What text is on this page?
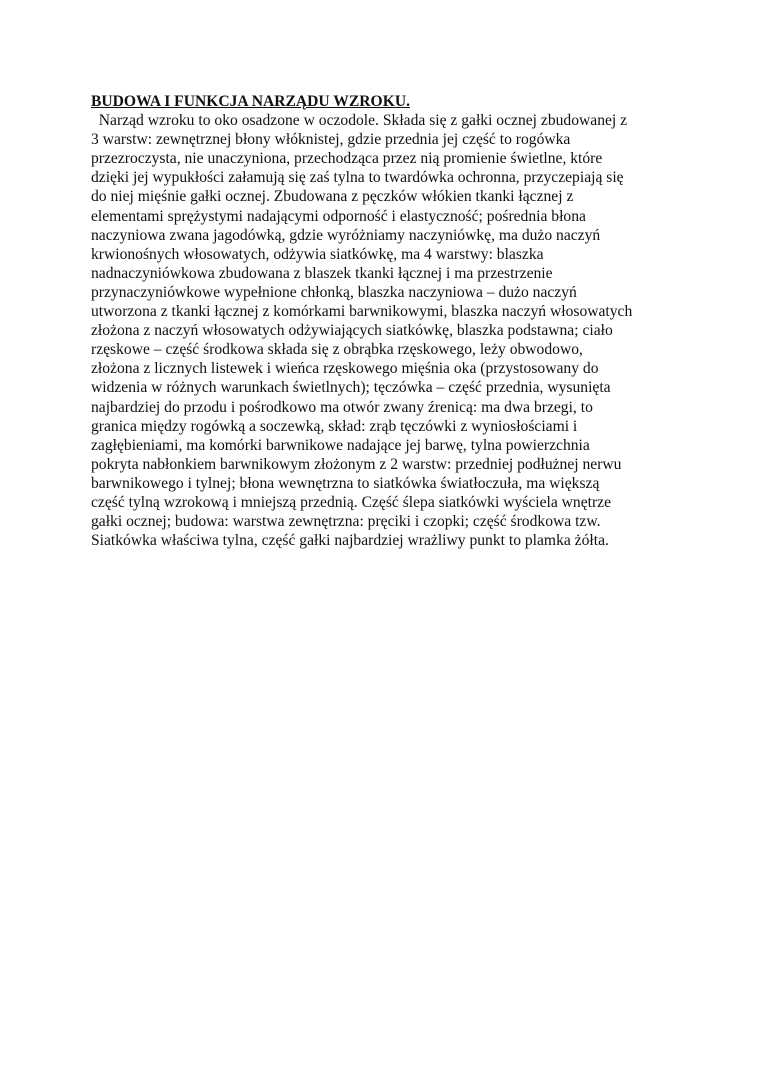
BUDOWA I FUNKCJA NARZĄDU WZROKU.
Narząd wzroku to oko osadzone w oczodole. Składa się z gałki ocznej zbudowanej z
3 warstw: zewnętrznej błony włóknistej, gdzie przednia jej część to rogówka
przezroczysta, nie unaczyniona, przechodząca przez nią promienie świetlne, które
dzięki jej wypukłości załamują się zaś tylna to twardówka ochronna, przyczepiają się
do niej mięśnie gałki ocznej. Zbudowana z pęczków włókien tkanki łącznej z
elementami sprężystymi nadającymi odporność i elastyczność; pośrednia błona
naczyniowa zwana jagodówką, gdzie wyróżniamy naczyniówkę, ma dużo naczyń
krwionośnych włosowatych, odżywia siatkówkę, ma 4 warstwy: blaszka
nadnaczyniówkowa zbudowana z blaszek tkanki łącznej i ma przestrzenie
przynaczyniówkowe wypełnione chłonką, blaszka naczyniowa – dużo naczyń
utworzona z tkanki łącznej z komórkami barwnikowymi, blaszka naczyń włosowatych
złożona z naczyń włosowatych odżywiających siatkówkę, blaszka podstawna; ciało
rzęskowe – część środkowa składa się z obrąbka rzęskowego, leży obwodowo,
złożona z licznych listewek i wieńca rzęskowego mięśnia oka (przystosowany do
widzenia w różnych warunkach świetlnych); tęczówka – część przednia, wysunięta
najbardziej do przodu i pośrodkowo ma otwór zwany źrenicą: ma dwa brzegi, to
granica między rogówką a soczewką, skład: zrąb tęczówki z wyniosłościami i
zagłębieniami, ma komórki barwnikowe nadające jej barwę, tylna powierzchnia
pokryta nabłonkiem barwnikowym złożonym z 2 warstw: przedniej podłużnej nerwu
barwnikowego i tylnej; błona wewnętrzna to siatkówka światłoczuła, ma większą
część tylną wzrokową i mniejszą przednią. Część ślepa siatkówki wyściela wnętrze
gałki ocznej; budowa: warstwa zewnętrzna: pręciki i czopki; część środkowa tzw.
Siatkówka właściwa tylna, część gałki najbardziej wrażliwy punkt to plamka żółta.
